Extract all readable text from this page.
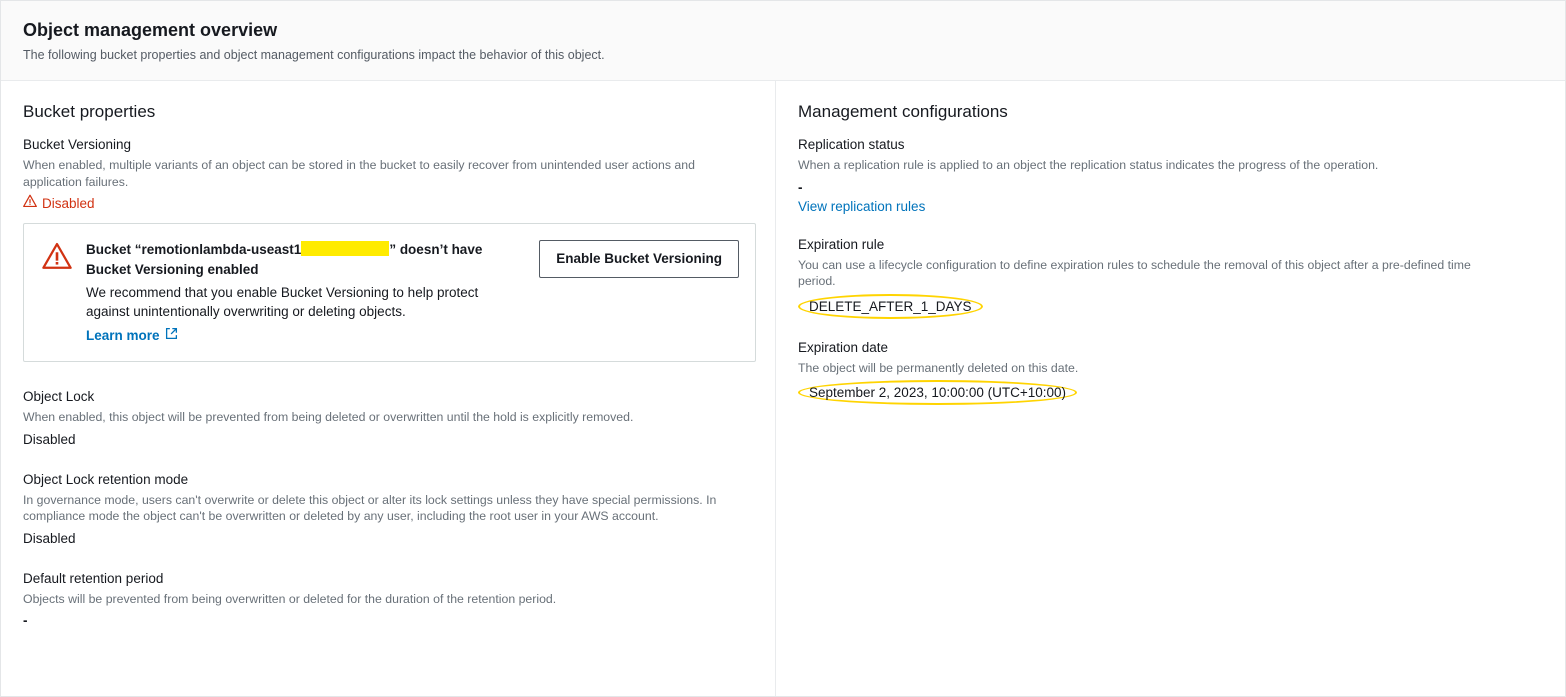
Object management overview

The following bucket properties and object management configurations impact the behavior of this object.

Bucket properties
Bucket Versioning
When enabled, multiple variants of an object can be stored in the bucket to easily recover from unintended user actions and application failures.
Disabled
Bucket “remotionlambda-useast1	” doesn’t have Bucket Versioning enabled
We recommend that you enable Bucket Versioning to help protect against unintentionally overwriting or deleting objects.
Learn more
Enable Bucket Versioning
Object Lock
When enabled, this object will be prevented from being deleted or overwritten until the hold is explicitly removed.
Disabled
Object Lock retention mode
In governance mode, users can't overwrite or delete this object or alter its lock settings unless they have special permissions. In compliance mode the object can't be overwritten or deleted by any user, including the root user in your AWS account.
Disabled
Default retention period
Objects will be prevented from being overwritten or deleted for the duration of the retention period.
-
Management configurations
Replication status
When a replication rule is applied to an object the replication status indicates the progress of the operation.
-
View replication rules
Expiration rule
You can use a lifecycle configuration to define expiration rules to schedule the removal of this object after a pre-defined time period.
DELETE_AFTER_1_DAYS
Expiration date
The object will be permanently deleted on this date.
September 2, 2023, 10:00:00 (UTC+10:00)
